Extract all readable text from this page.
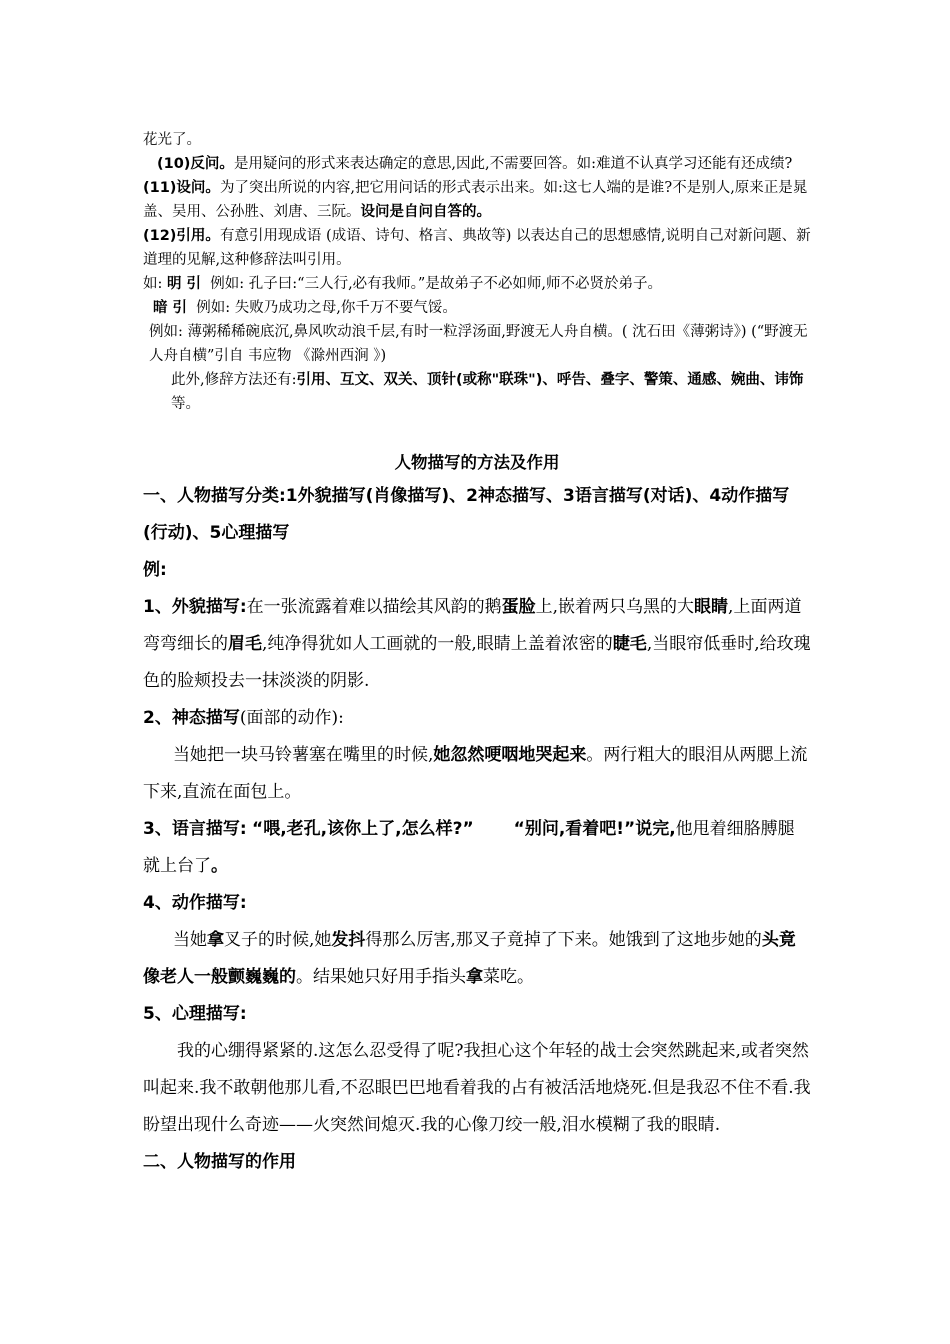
花光了。

(10)反问。是用疑问的形式来表达确定的意思,因此,不需要回答。如:难道不认真学习还能有还成绩?

(11)设问。为了突出所说的内容,把它用问话的形式表示出来。如:这七人端的是谁?不是别人,原来正是晁盖、吴用、公孙胜、刘唐、三阮。设问是自问自答的。

(12)引用。有意引用现成语 (成语、诗句、格言、典故等) 以表达自己的思想感情,说明自己对新问题、新道理的见解,这种修辞法叫引用。

如: 明 引 例如: 孔子曰:“三人行,必有我师。”是故弟子不必如师,师不必贤於弟子。

暗 引 例如: 失败乃成功之母,你千万不要气馁。

例如: 薄粥稀稀碗底沉,鼻风吹动浪千层,有时一粒浮汤面,野渡无人舟自横。( 沈石田《薄粥诗》) (“野渡无人舟自横”引自 韦应物 《滁州西涧 》)

此外,修辞方法还有:引用、互文、双关、顶针(或称"联珠")、呼告、叠字、警策、通感、婉曲、讳饰等。

人物描写的方法及作用

一、人物描写分类:1外貌描写(肖像描写)、2神态描写、3语言描写(对话)、4动作描写(行动)、5心理描写

例:

1、外貌描写:在一张流露着难以描绘其风韵的鹅蛋脸上,嵌着两只乌黑的大眼睛,上面两道弯弯细长的眉毛,纯净得犹如人工画就的一般,眼睛上盖着浓密的睫毛,当眼帘低垂时,给玫瑰色的脸颊投去一抹淡淡的阴影.

2、神态描写(面部的动作):

当她把一块马铃薯塞在嘴里的时候,她忽然哽咽地哭起来。两行粗大的眼泪从两腮上流下来,直流在面包上。

3、语言描写: “喂,老孔,该你上了,怎么样?” “别问,看着吧!”说完,他甩着细胳膊腿就上台了。

4、动作描写:

当她拿叉子的时候,她发抖得那么厉害,那叉子竟掉了下来。她饿到了这地步她的头竟像老人一般颤巍巍的。结果她只好用手指头拿菜吃。

5、心理描写:

我的心绷得紧紧的.这怎么忍受得了呢?我担心这个年轻的战士会突然跳起来,或者突然叫起来.我不敢朝他那儿看,不忍眼巴巴地看着我的占有被活活地烧死.但是我忍不住不看.我盼望出现什么奇迹——火突然间熄灭.我的心像刀绞一般,泪水模糊了我的眼睛.

二、人物描写的作用
